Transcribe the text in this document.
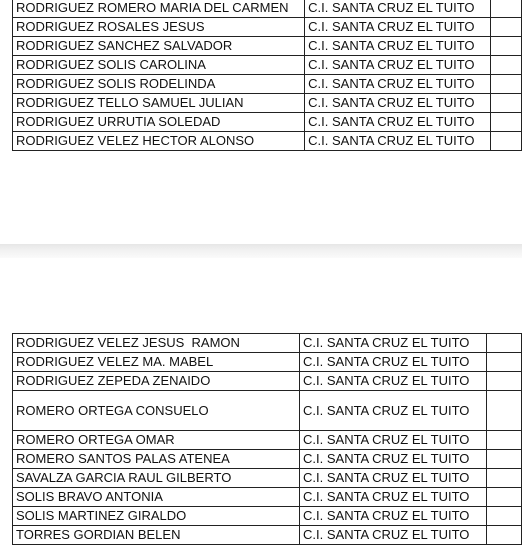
RODRIGUEZ ROMERO MARIA DEL CARMEN	C.I. SANTA CRUZ EL TUITO	
RODRIGUEZ ROSALES JESUS	C.I. SANTA CRUZ EL TUITO	
RODRIGUEZ SANCHEZ SALVADOR	C.I. SANTA CRUZ EL TUITO	
RODRIGUEZ SOLIS CAROLINA	C.I. SANTA CRUZ EL TUITO	
RODRIGUEZ SOLIS RODELINDA	C.I. SANTA CRUZ EL TUITO	
RODRIGUEZ TELLO SAMUEL JULIAN	C.I. SANTA CRUZ EL TUITO	
RODRIGUEZ URRUTIA SOLEDAD	C.I. SANTA CRUZ EL TUITO	
RODRIGUEZ VELEZ HECTOR ALONSO	C.I. SANTA CRUZ EL TUITO	
RODRIGUEZ VELEZ JESUS  RAMON	C.I. SANTA CRUZ EL TUITO	
RODRIGUEZ VELEZ MA. MABEL	C.I. SANTA CRUZ EL TUITO	
RODRIGUEZ ZEPEDA ZENAIDO	C.I. SANTA CRUZ EL TUITO	
ROMERO ORTEGA CONSUELO	C.I. SANTA CRUZ EL TUITO	
ROMERO ORTEGA OMAR	C.I. SANTA CRUZ EL TUITO	
ROMERO SANTOS PALAS ATENEA	C.I. SANTA CRUZ EL TUITO	
SAVALZA GARCIA RAUL GILBERTO	C.I. SANTA CRUZ EL TUITO	
SOLIS BRAVO ANTONIA	C.I. SANTA CRUZ EL TUITO	
SOLIS MARTINEZ GIRALDO	C.I. SANTA CRUZ EL TUITO	
TORRES GORDIAN BELEN	C.I. SANTA CRUZ EL TUITO	
